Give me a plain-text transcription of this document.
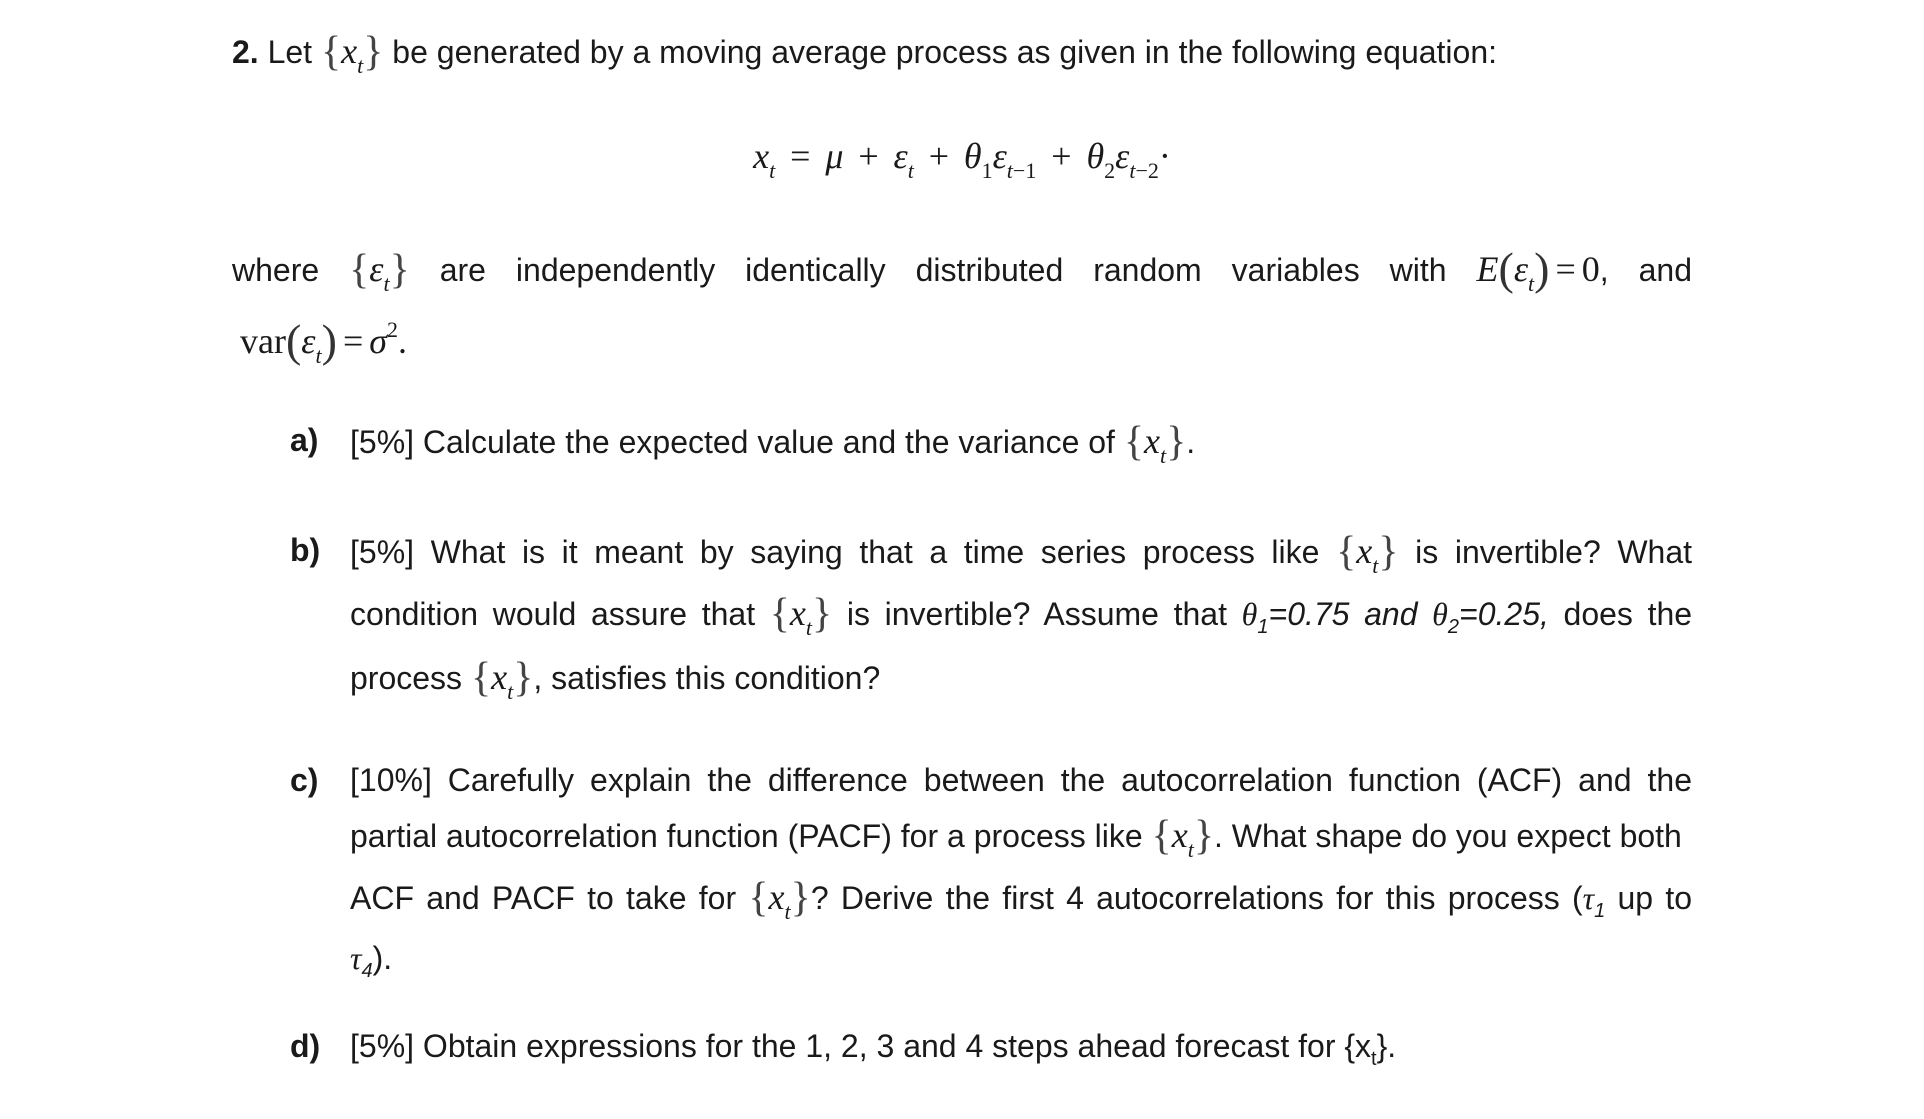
2. Let $\{x_t\}$ be generated by a moving average process as given in the following equation:
$x_t = \mu + \varepsilon_t + \theta_1\varepsilon_{t-1} + \theta_2\varepsilon_{t-2}\cdot$
where $\{\varepsilon_t\}$ are independently identically distributed random variables with $E(\varepsilon_t) = 0$, and
$var(\varepsilon_t) = \sigma^2$.
a) [5%] Calculate the expected value and the variance of $\{x_t\}$.
b) [5%] What is it meant by saying that a time series process like $\{x_t\}$ is invertible? What
condition would assure that $\{x_t\}$ is invertible? Assume that $\theta_1=0.75$ and $\theta_2=0.25$, does the
process $\{x_t\}$, satisfies this condition?
c) [10%] Carefully explain the difference between the autocorrelation function (ACF) and the
partial autocorrelation function (PACF) for a process like $\{x_t\}$. What shape do you expect both
ACF and PACF to take for $\{x_t\}$? Derive the first 4 autocorrelations for this process ($\tau_1$ up to
$\tau_4$).
d) [5%] Obtain expressions for the 1, 2, 3 and 4 steps ahead forecast for $\{x_t\}$.
